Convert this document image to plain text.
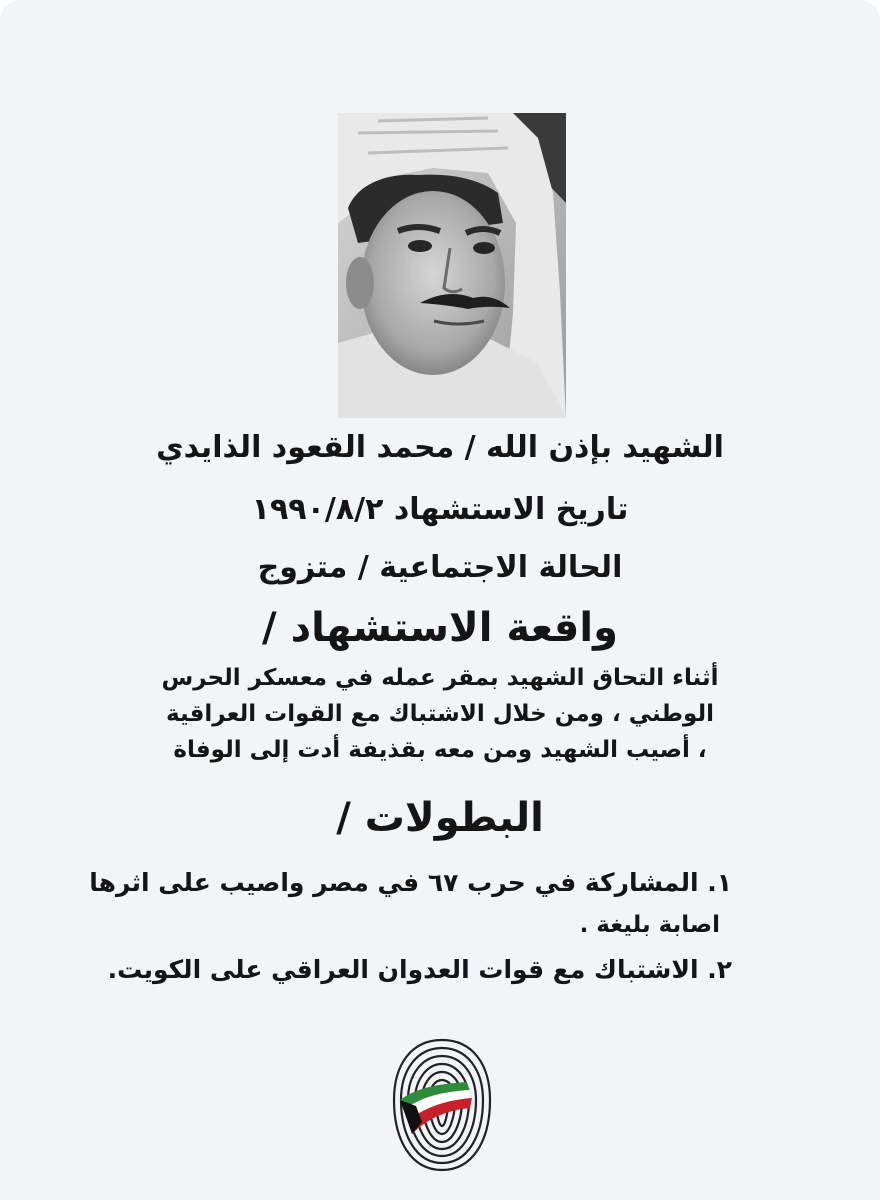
الشهيد بإذن الله / محمد القعود الذايدي
تاريخ الاستشهاد ١٩٩٠/٨/٢
الحالة الاجتماعية / متزوج
واقعة الاستشهاد /
أثناء التحاق الشهيد بمقر عمله في معسكر الحرس الوطني ، ومن خلال الاشتباك مع القوات العراقية ، أصيب الشهيد ومن معه بقذيفة أدت إلى الوفاة
البطولات /
١. المشاركة في حرب ٦٧ في مصر واصيب على اثرها
اصابة بليغة .
٢. الاشتباك مع قوات العدوان العراقي على الكويت.
